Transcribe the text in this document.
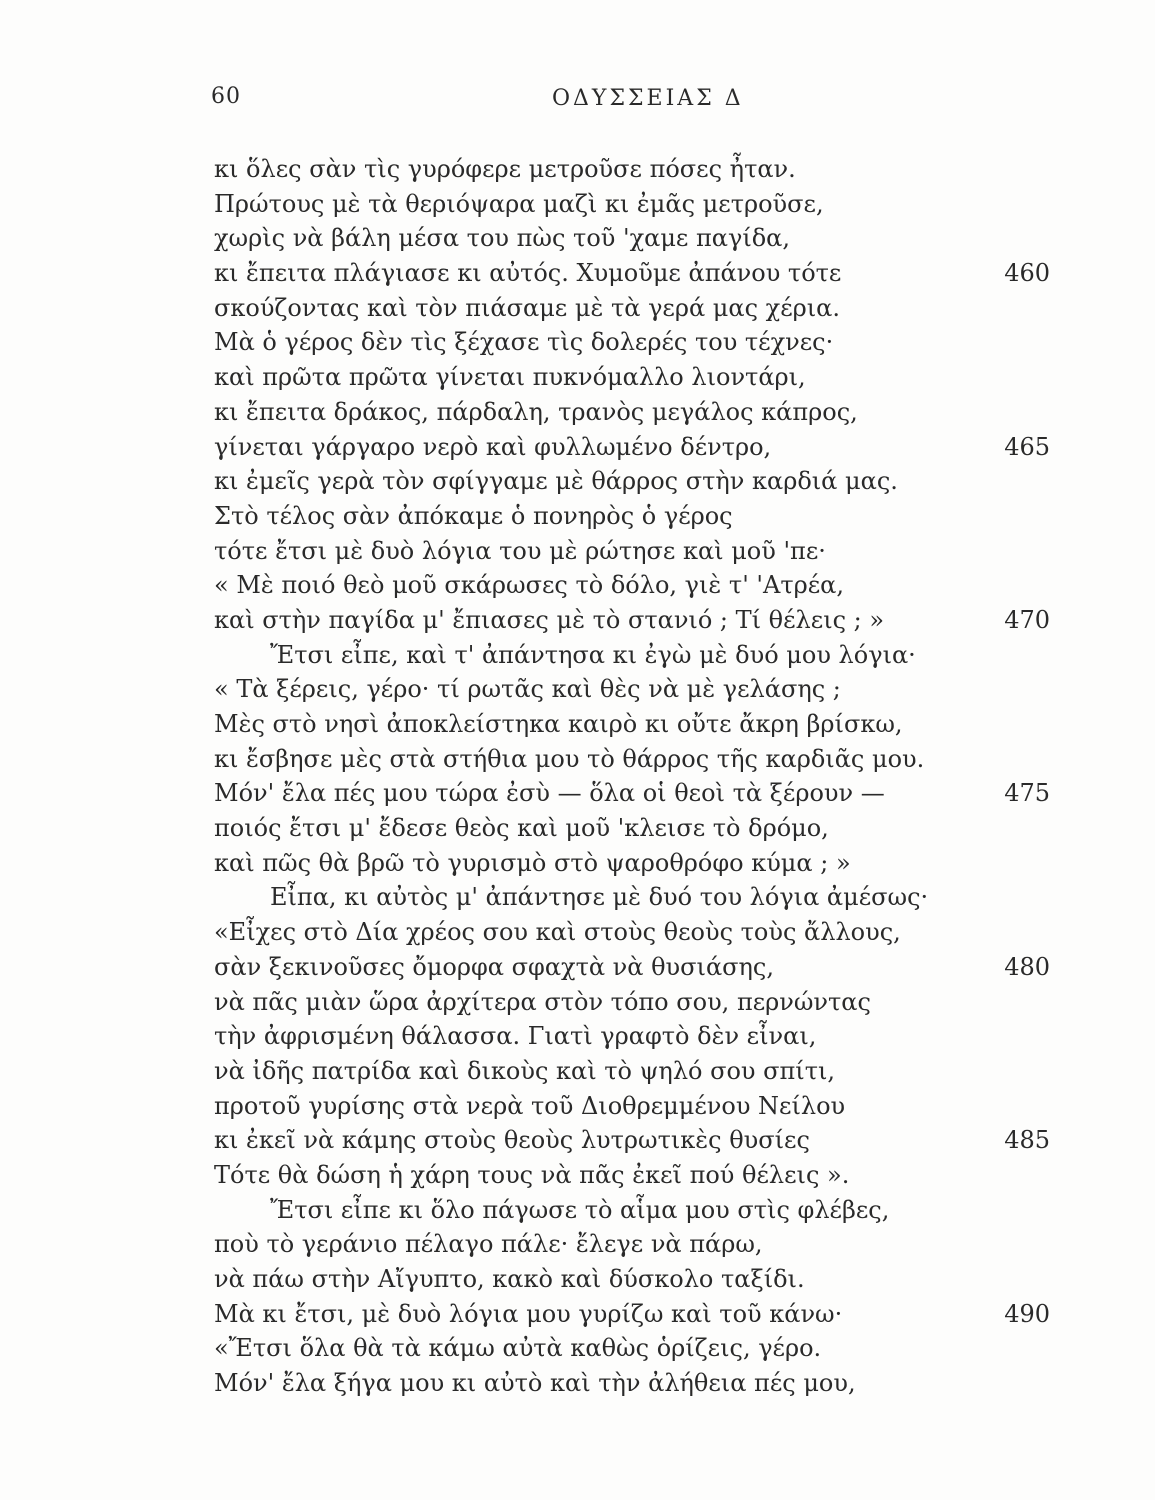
60	ΟΔΥΣΣΕΙΑΣ Δ
κι ὅλες σὰν τὶς γυρόφερε μετροῦσε πόσες ἦταν.
Πρώτους μὲ τὰ θεριόψαρα μαζὶ κι ἐμᾶς μετροῦσε,
χωρὶς νὰ βάλη μέσα του πὼς τοῦ 'χαμε παγίδα,
κι ἔπειτα πλάγιασε κι αὐτός. Χυμοῦμε ἀπάνου τότε	460
σκούζοντας καὶ τὸν πιάσαμε μὲ τὰ γερά μας χέρια.
Μὰ ὁ γέρος δὲν τὶς ξέχασε τὶς δολερές του τέχνες·
καὶ πρῶτα πρῶτα γίνεται πυκνόμαλλο λιοντάρι,
κι ἔπειτα δράκος, πάρδαλη, τρανὸς μεγάλος κάπρος,
γίνεται γάργαρο νερὸ καὶ φυλλωμένο δέντρο,	465
κι ἐμεῖς γερὰ τὸν σφίγγαμε μὲ θάρρος στὴν καρδιά μας.
Στὸ τέλος σὰν ἀπόκαμε ὁ πονηρὸς ὁ γέρος
τότε ἔτσι μὲ δυὸ λόγια του μὲ ρώτησε καὶ μοῦ 'πε·
« Μὲ ποιό θεὸ μοῦ σκάρωσες τὸ δόλο, γιὲ τ' 'Ατρέα,
καὶ στὴν παγίδα μ' ἔπιασες μὲ τὸ στανιό ; Τί θέλεις ; »	470
Ἔτσι εἶπε, καὶ τ' ἀπάντησα κι ἐγὼ μὲ δυό μου λόγια·
« Τὰ ξέρεις, γέρο· τί ρωτᾶς καὶ θὲς νὰ μὲ γελάσης ;
Μὲς στὸ νησὶ ἀποκλείστηκα καιρὸ κι οὔτε ἄκρη βρίσκω,
κι ἔσβησε μὲς στὰ στήθια μου τὸ θάρρος τῆς καρδιᾶς μου.
Μόν' ἔλα πές μου τώρα ἐσὺ — ὅλα οἱ θεοὶ τὰ ξέρουν —	475
ποιός ἔτσι μ' ἔδεσε θεὸς καὶ μοῦ 'κλεισε τὸ δρόμο,
καὶ πῶς θὰ βρῶ τὸ γυρισμὸ στὸ ψαροθρόφο κύμα ; »
Εἶπα, κι αὐτὸς μ' ἀπάντησε μὲ δυό του λόγια ἀμέσως·
«Εἶχες στὸ Δία χρέος σου καὶ στοὺς θεοὺς τοὺς ἄλλους,
σὰν ξεκινοῦσες ὄμορφα σφαχτὰ νὰ θυσιάσης,	480
νὰ πᾶς μιὰν ὥρα ἀρχίτερα στὸν τόπο σου, περνώντας
τὴν ἀφρισμένη θάλασσα. Γιατὶ γραφτὸ δὲν εἶναι,
νὰ ἰδῆς πατρίδα καὶ δικοὺς καὶ τὸ ψηλό σου σπίτι,
προτοῦ γυρίσης στὰ νερὰ τοῦ Διοθρεμμένου Νείλου
κι ἐκεῖ νὰ κάμης στοὺς θεοὺς λυτρωτικὲς θυσίες	485
Τότε θὰ δώση ἡ χάρη τους νὰ πᾶς ἐκεῖ πού θέλεις ».
Ἔτσι εἶπε κι ὅλο πάγωσε τὸ αἷμα μου στὶς φλέβες,
ποὺ τὸ γεράνιο πέλαγο πάλε· ἔλεγε νὰ πάρω,
νὰ πάω στὴν Αἴγυπτο, κακὸ καὶ δύσκολο ταξίδι.
Μὰ κι ἔτσι, μὲ δυὸ λόγια μου γυρίζω καὶ τοῦ κάνω·	490
«Ἔτσι ὅλα θὰ τὰ κάμω αὐτὰ καθὼς ὁρίζεις, γέρο.
Μόν' ἔλα ξήγα μου κι αὐτὸ καὶ τὴν ἀλήθεια πές μου,
